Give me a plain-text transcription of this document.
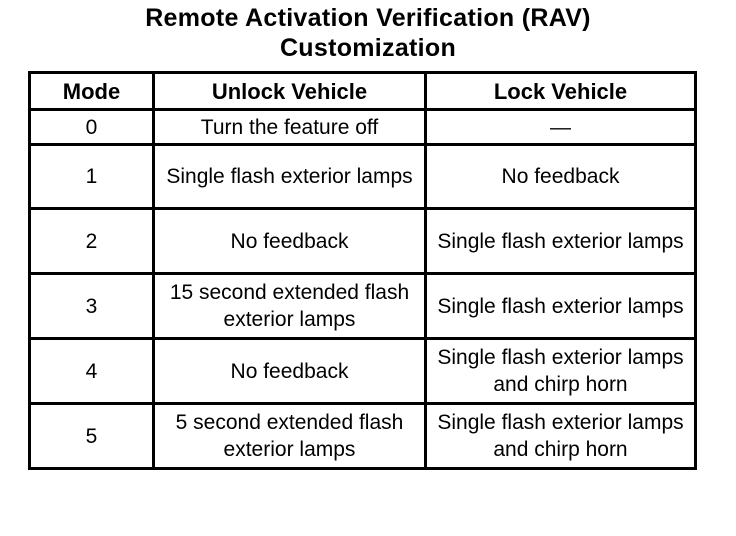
Remote Activation Verification (RAV)
Customization
Mode	Unlock Vehicle	Lock Vehicle
0	Turn the feature off	—
1	Single flash exterior lamps	No feedback
2	No feedback	Single flash exterior lamps
3	15 second extended flash exterior lamps	Single flash exterior lamps
4	No feedback	Single flash exterior lamps and chirp horn
5	5 second extended flash exterior lamps	Single flash exterior lamps and chirp horn
